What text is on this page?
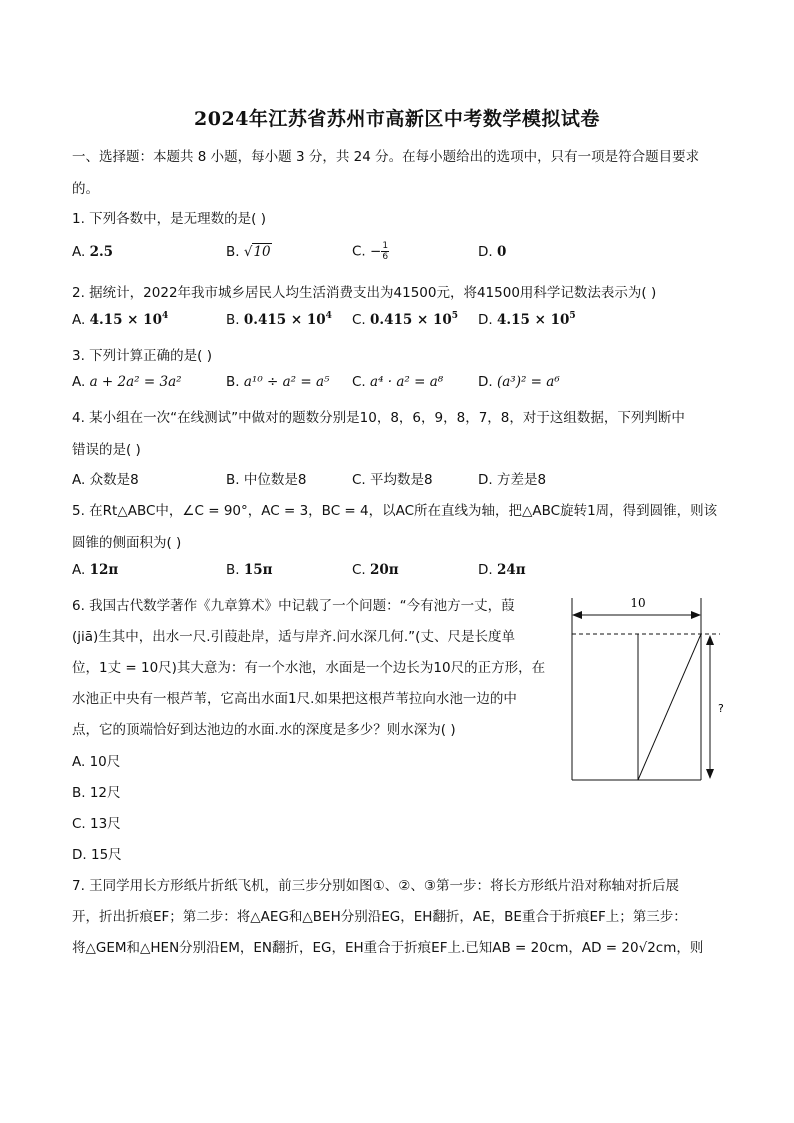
2024年江苏省苏州市高新区中考数学模拟试卷
一、选择题：本题共 8 小题，每小题 3 分，共 24 分。在每小题给出的选项中，只有一项是符合题目要求
的。
1. 下列各数中，是无理数的是( )
A. 2.5	B. √10	C. − $\frac{1}{6}$	D. 0
2. 据统计，2022年我市城乡居民人均生活消费支出为41500元，将41500用科学记数法表示为( )
A. $4.15 \times 10^4$	B. $0.415 \times 10^4$ C. $0.415 \times 10^5$ D. $4.15 \times 10^5$
3. 下列计算正确的是( )
A. a + 2a² = 3a²	B. a¹⁰ ÷ a² = a⁵ C. a⁴ · a² = a⁸	D. (a³)² = a⁶
4. 某小组在一次“在线测试”中做对的题数分别是10，8，6，9，8，7，8，对于这组数据，下列判断中
错误的是( )
A. 众数是8	B. 中位数是8	C. 平均数是8	D. 方差是8
5. 在Rt△ABC中，∠C = 90°，AC = 3，BC = 4，以AC所在直线为轴，把△ABC旋转1周，得到圆锥，则该
圆锥的侧面积为( )
A. 12π	B. 15π	C. 20π	D. 24π
6. 我国古代数学著作《九章算术》中记载了一个问题：“今有池方一丈，葭
(jiā)生其中，出水一尺.引葭赴岸，适与岸齐.问水深几何.”(丈、尺是长度单
位，1丈 = 10尺)其大意为：有一个水池，水面是一个边长为10尺的正方形，在
水池正中央有一根芦苇，它高出水面1尺.如果把这根芦苇拉向水池一边的中
点，它的顶端恰好到达池边的水面.水的深度是多少？则水深为( )
A. 10尺
B. 12尺
C. 13尺
D. 15尺
10
?
7. 王同学用长方形纸片折纸飞机，前三步分别如图①、②、③第一步：将长方形纸片沿对称轴对折后展
开，折出折痕EF；第二步：将△AEG和△BEH分别沿EG，EH翻折，AE，BE重合于折痕EF上；第三步：
将△GEM和△HEN分别沿EM，EN翻折，EG，EH重合于折痕EF上.已知AB = 20cm，AD = 20√2cm，则
